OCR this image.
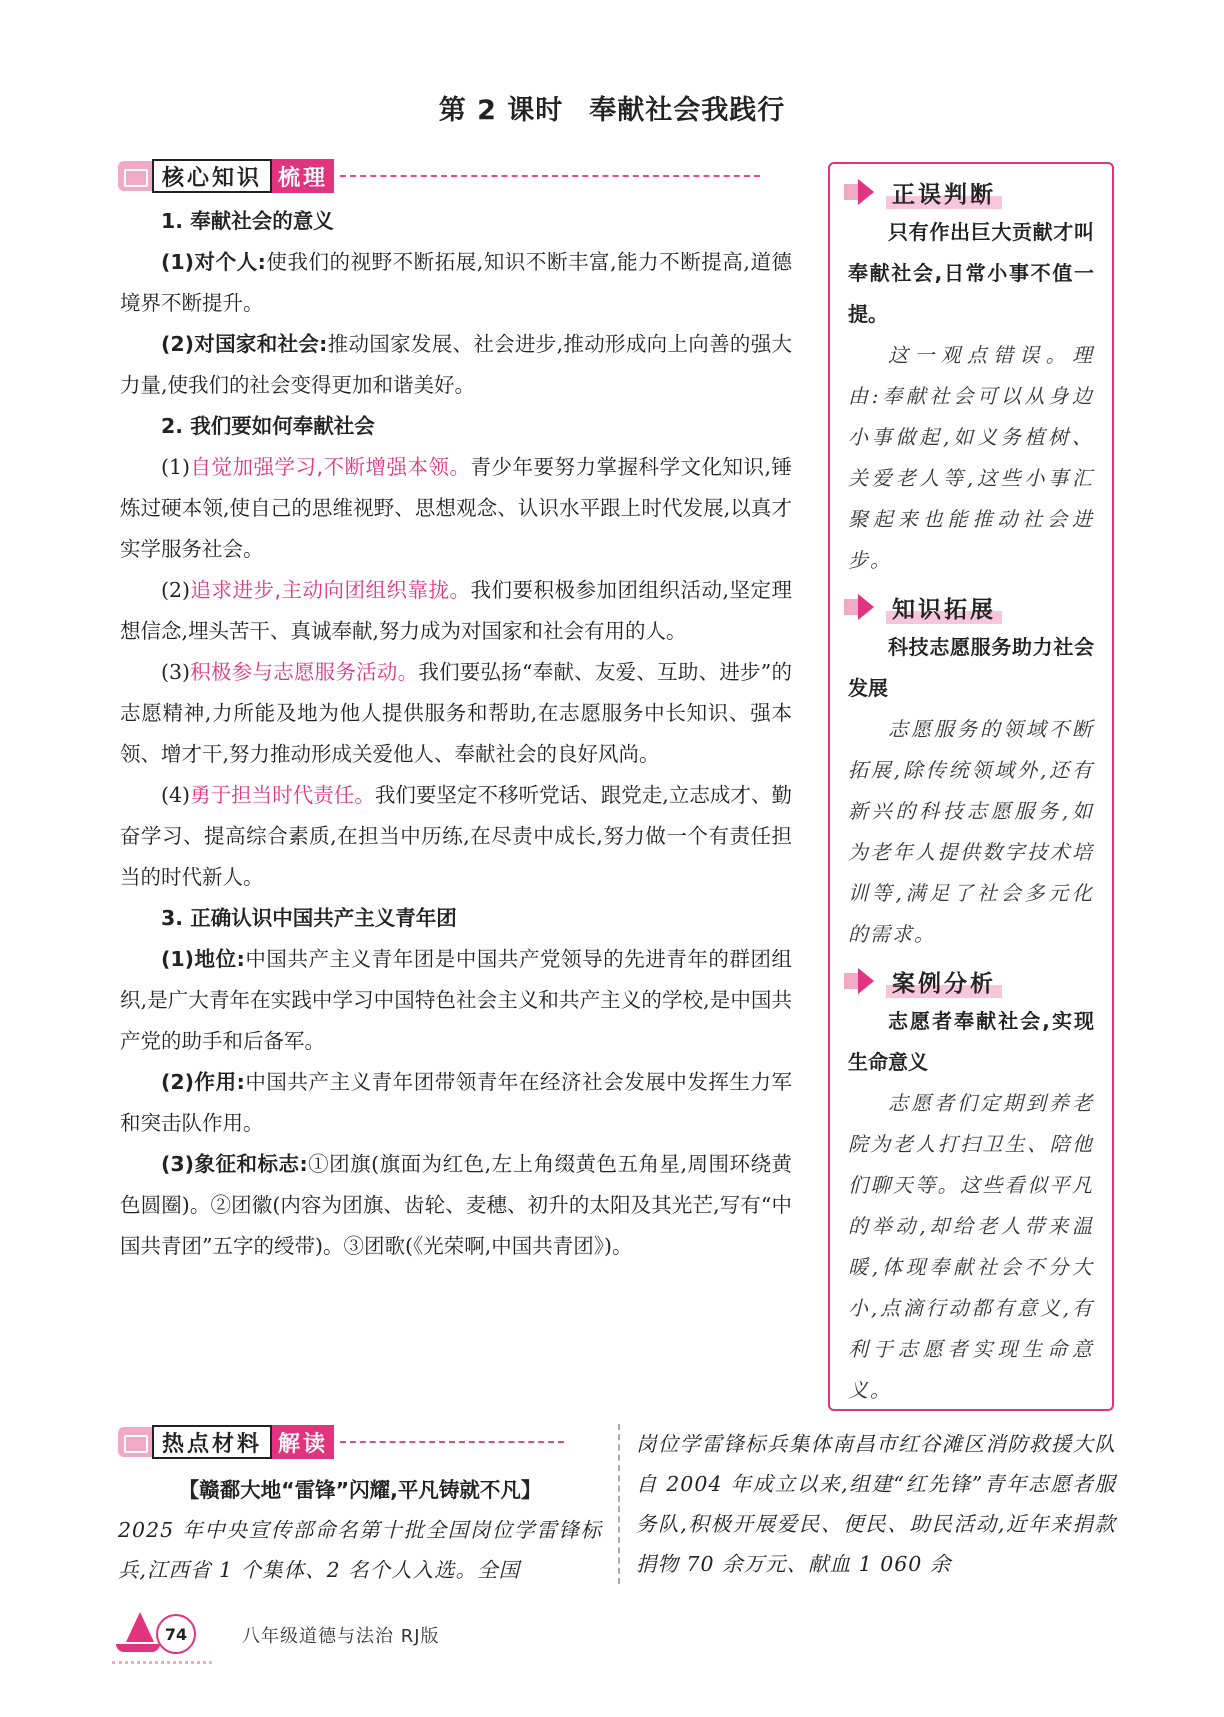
第 2 课时 奉献社会我践行
核心知识 梳理

1. 奉献社会的意义

(1)对个人:使我们的视野不断拓展,知识不断丰富,能力不断提高,道德境界不断提升。

(2)对国家和社会:推动国家发展、社会进步,推动形成向上向善的强大力量,使我们的社会变得更加和谐美好。

2. 我们要如何奉献社会

(1)自觉加强学习,不断增强本领。青少年要努力掌握科学文化知识,锤炼过硬本领,使自己的思维视野、思想观念、认识水平跟上时代发展,以真才实学服务社会。

(2)追求进步,主动向团组织靠拢。我们要积极参加团组织活动,坚定理想信念,埋头苦干、真诚奉献,努力成为对国家和社会有用的人。

(3)积极参与志愿服务活动。我们要弘扬“奉献、友爱、互助、进步”的志愿精神,力所能及地为他人提供服务和帮助,在志愿服务中长知识、强本领、增才干,努力推动形成关爱他人、奉献社会的良好风尚。

(4)勇于担当时代责任。我们要坚定不移听党话、跟党走,立志成才、勤奋学习、提高综合素质,在担当中历练,在尽责中成长,努力做一个有责任担当的时代新人。

3. 正确认识中国共产主义青年团

(1)地位:中国共产主义青年团是中国共产党领导的先进青年的群团组织,是广大青年在实践中学习中国特色社会主义和共产主义的学校,是中国共产党的助手和后备军。

(2)作用:中国共产主义青年团带领青年在经济社会发展中发挥生力军和突击队作用。

(3)象征和标志:①团旗(旗面为红色,左上角缀黄色五角星,周围环绕黄色圆圈)。②团徽(内容为团旗、齿轮、麦穗、初升的太阳及其光芒,写有“中国共青团”五字的绶带)。③团歌(《光荣啊,中国共青团》)。

正误判断

只有作出巨大贡献才叫奉献社会,日常小事不值一提。

这一观点错误。理由:奉献社会可以从身边小事做起,如义务植树、关爱老人等,这些小事汇聚起来也能推动社会进步。

知识拓展

科技志愿服务助力社会发展

志愿服务的领域不断拓展,除传统领域外,还有新兴的科技志愿服务,如为老年人提供数字技术培训等,满足了社会多元化的需求。

案例分析

志愿者奉献社会,实现生命意义

志愿者们定期到养老院为老人打扫卫生、陪他们聊天等。这些看似平凡的举动,却给老人带来温暖,体现奉献社会不分大小,点滴行动都有意义,有利于志愿者实现生命意义。

热点材料 解读

【赣鄱大地“雷锋”闪耀,平凡铸就不凡】

2025 年中央宣传部命名第十批全国岗位学雷锋标兵,江西省 1 个集体、2 名个人入选。全国

岗位学雷锋标兵集体南昌市红谷滩区消防救援大队自 2004 年成立以来,组建“红先锋”青年志愿者服务队,积极开展爱民、便民、助民活动,近年来捐款捐物 70 余万元、献血 1 060 余
74	八年级道德与法治 RJ版
